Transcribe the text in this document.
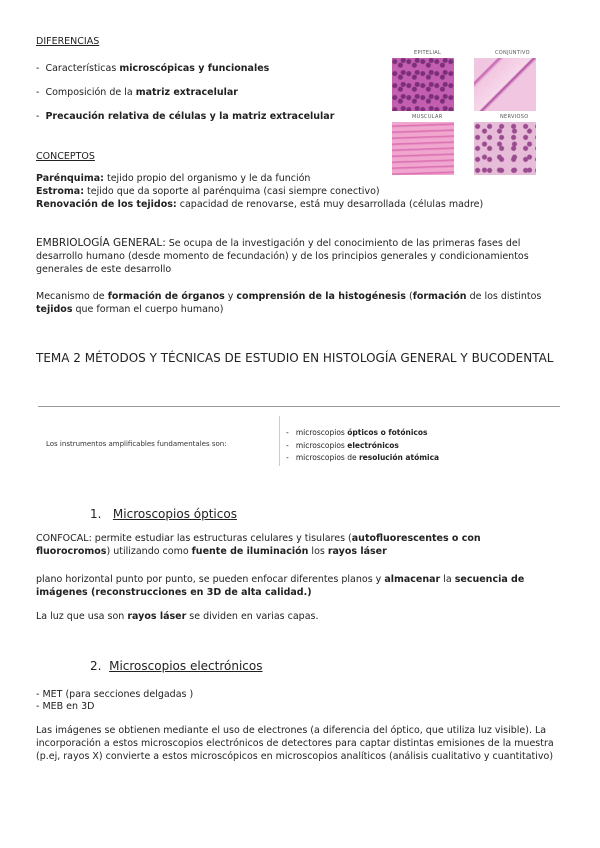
DIFERENCIAS
-  Características microscópicas y funcionales
-  Composición de la matriz extracelular
-  Precaución relativa de células y la matriz extracelular
EPITELIAL	CONJUNTIVO
MUSCULAR	NERVIOSO
CONCEPTOS
Parénquima: tejido propio del organismo y le da función
Estroma: tejido que da soporte al parénquima (casi siempre conectivo)
Renovación de los tejidos: capacidad de renovarse, está muy desarrollada (células madre)
EMBRIOLOGÍA GENERAL: Se ocupa de la investigación y del conocimiento de las primeras fases del desarrollo humano (desde momento de fecundación) y de los principios generales y condicionamientos generales de este desarrollo
Mecanismo de formación de órganos y comprensión de la histogénesis (formación de los distintos tejidos que forman el cuerpo humano)
TEMA 2 MÉTODOS Y TÉCNICAS DE ESTUDIO EN HISTOLOGÍA GENERAL Y BUCODENTAL
Los instrumentos amplificables fundamentales son:
-   microscopios ópticos o fotónicos
-   microscopios electrónicos
-   microscopios de resolución atómica
1. Microscopios ópticos
CONFOCAL: permite estudiar las estructuras celulares y tisulares (autofluorescentes o con fluorocromos) utilizando como fuente de iluminación los rayos láser
plano horizontal punto por punto, se pueden enfocar diferentes planos y almacenar la secuencia de imágenes (reconstrucciones en 3D de alta calidad.)
La luz que usa son rayos láser se dividen en varias capas.
2. Microscopios electrónicos
- MET (para secciones delgadas )
- MEB en 3D
Las imágenes se obtienen mediante el uso de electrones (a diferencia del óptico, que utiliza luz visible). La incorporación a estos microscopios electrónicos de detectores para captar distintas emisiones de la muestra (p.ej, rayos X) convierte a estos microscópicos en microscopios analíticos (análisis cualitativo y cuantitativo)
